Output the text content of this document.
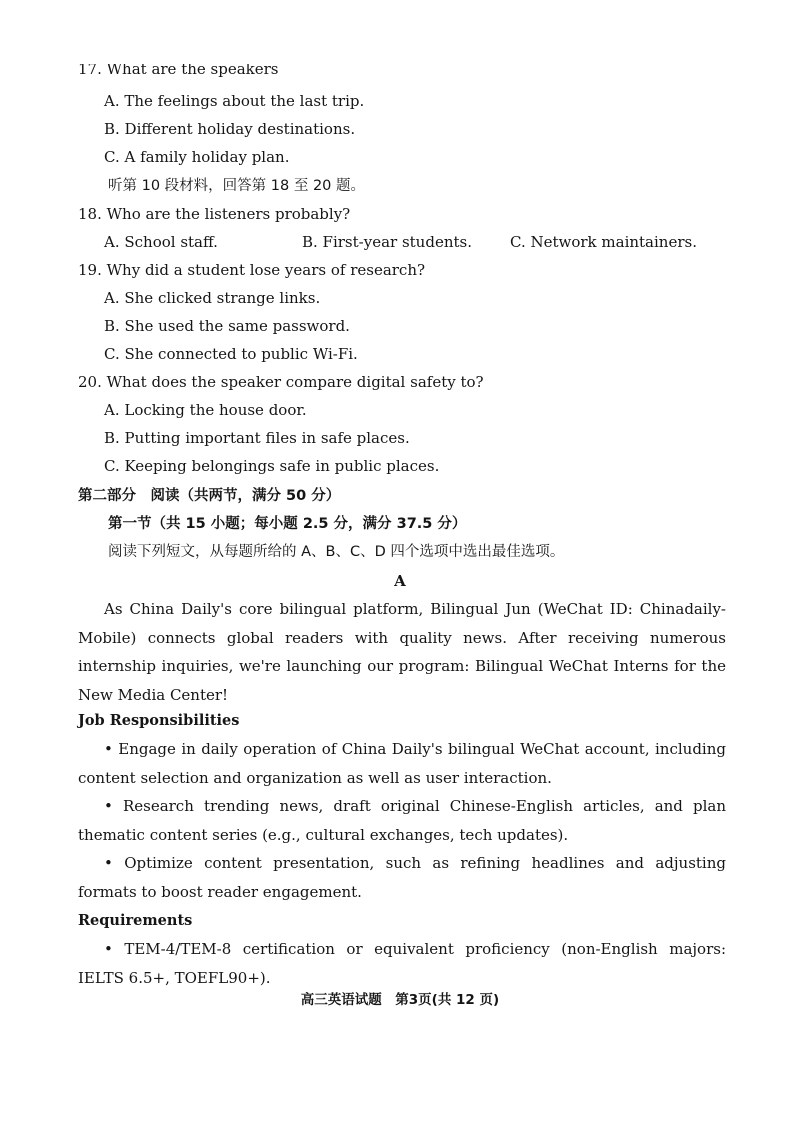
17. What are the speakers
A. The feelings about the last trip.
B. Different holiday destinations.
C. A family holiday plan.
听第 10 段材料，回答第 18 至 20 题。
18. Who are the listeners probably?
A. School staff.	B. First-year students.	C. Network maintainers.
19. Why did a student lose years of research?
A. She clicked strange links.
B. She used the same password.
C. She connected to public Wi-Fi.
20. What does the speaker compare digital safety to?
A. Locking the house door.
B. Putting important files in safe places.
C. Keeping belongings safe in public places.
第二部分　阅读（共两节，满分 50 分）
第一节（共 15 小题；每小题 2.5 分，满分 37.5 分）
阅读下列短文，从每题所给的 A、B、C、D 四个选项中选出最佳选项。
A
As China Daily's core bilingual platform, Bilingual Jun (WeChat ID: Chinadaily-Mobile) connects global readers with quality news. After receiving numerous internship inquiries, we're launching our program: Bilingual WeChat Interns for the New Media Center!
Job Responsibilities
• Engage in daily operation of China Daily's bilingual WeChat account, including content selection and organization as well as user interaction.
• Research trending news, draft original Chinese-English articles, and plan thematic content series (e.g., cultural exchanges, tech updates).
• Optimize content presentation, such as refining headlines and adjusting formats to boost reader engagement.
Requirements
• TEM-4/TEM-8 certification or equivalent proficiency (non-English majors: IELTS 6.5+, TOEFL90+).
高三英语试题　第3页(共 12 页)
